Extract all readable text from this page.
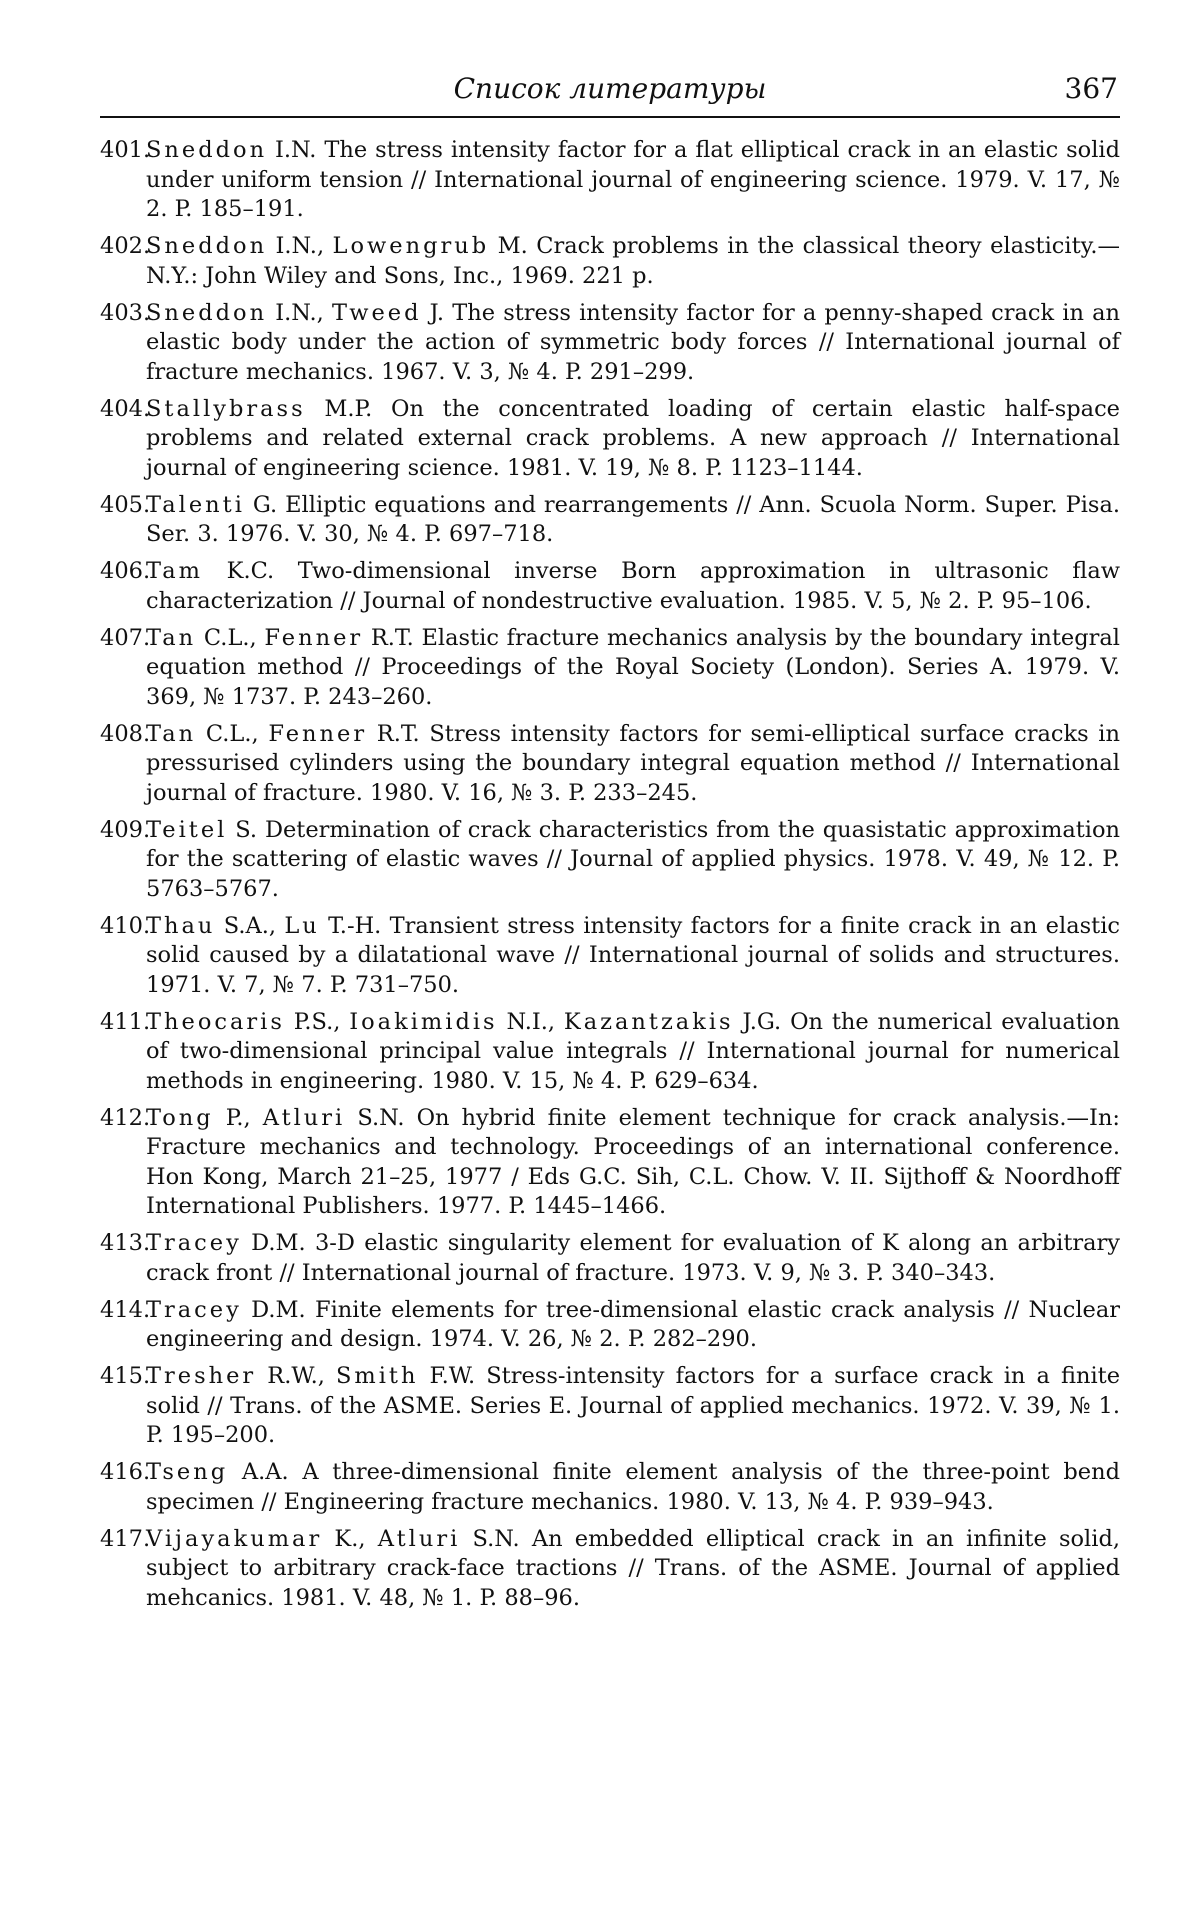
Список литературы	367
401.
Sneddon I.N. The stress intensity factor for a flat elliptical crack in an elastic solid under uniform tension // International journal of engineering science. 1979. V. 17, № 2. P. 185–191.
402.
Sneddon I.N., Lowengrub M. Crack problems in the classical theory elasticity.—N.Y.: John Wiley and Sons, Inc., 1969. 221 p.
403.
Sneddon I.N., Tweed J. The stress intensity factor for a penny-shaped crack in an elastic body under the action of symmetric body forces // International journal of fracture mechanics. 1967. V. 3, № 4. P. 291–299.
404.
Stallybrass M.P. On the concentrated loading of certain elastic half-space problems and related external crack problems. A new approach // International journal of engineering science. 1981. V. 19, № 8. P. 1123–1144.
405.
Talenti G. Elliptic equations and rearrangements // Ann. Scuola Norm. Super. Pisa. Ser. 3. 1976. V. 30, № 4. P. 697–718.
406.
Tam K.C. Two-dimensional inverse Born approximation in ultrasonic flaw characterization // Journal of nondestructive evaluation. 1985. V. 5, № 2. P. 95–106.
407.
Tan C.L., Fenner R.T. Elastic fracture mechanics analysis by the boundary integral equation method // Proceedings of the Royal Society (London). Series A. 1979. V. 369, № 1737. P. 243–260.
408.
Tan C.L., Fenner R.T. Stress intensity factors for semi-elliptical surface cracks in pressurised cylinders using the boundary integral equation method // International journal of fracture. 1980. V. 16, № 3. P. 233–245.
409.
Teitel S. Determination of crack characteristics from the quasistatic approximation for the scattering of elastic waves // Journal of applied physics. 1978. V. 49, № 12. P. 5763–5767.
410.
Thau S.A., Lu T.-H. Transient stress intensity factors for a finite crack in an elastic solid caused by a dilatational wave // International journal of solids and structures. 1971. V. 7, № 7. P. 731–750.
411.
Theocaris P.S., Ioakimidis N.I., Kazantzakis J.G. On the numerical evaluation of two-dimensional principal value integrals // International journal for numerical methods in engineering. 1980. V. 15, № 4. P. 629–634.
412.
Tong P., Atluri S.N. On hybrid finite element technique for crack analysis.—In: Fracture mechanics and technology. Proceedings of an international conference. Hon Kong, March 21–25, 1977 / Eds G.C. Sih, C.L. Chow. V. II. Sijthoff & Noordhoff International Publishers. 1977. P. 1445–1466.
413.
Tracey D.M. 3-D elastic singularity element for evaluation of K along an arbitrary crack front // International journal of fracture. 1973. V. 9, № 3. P. 340–343.
414.
Tracey D.M. Finite elements for tree-dimensional elastic crack analysis // Nuclear engineering and design. 1974. V. 26, № 2. P. 282–290.
415.
Tresher R.W., Smith F.W. Stress-intensity factors for a surface crack in a finite solid // Trans. of the ASME. Series E. Journal of applied mechanics. 1972. V. 39, № 1. P. 195–200.
416.
Tseng A.A. A three-dimensional finite element analysis of the three-point bend specimen // Engineering fracture mechanics. 1980. V. 13, № 4. P. 939–943.
417.
Vijayakumar K., Atluri S.N. An embedded elliptical crack in an infinite solid, subject to arbitrary crack-face tractions // Trans. of the ASME. Journal of applied mehcanics. 1981. V. 48, № 1. P. 88–96.
